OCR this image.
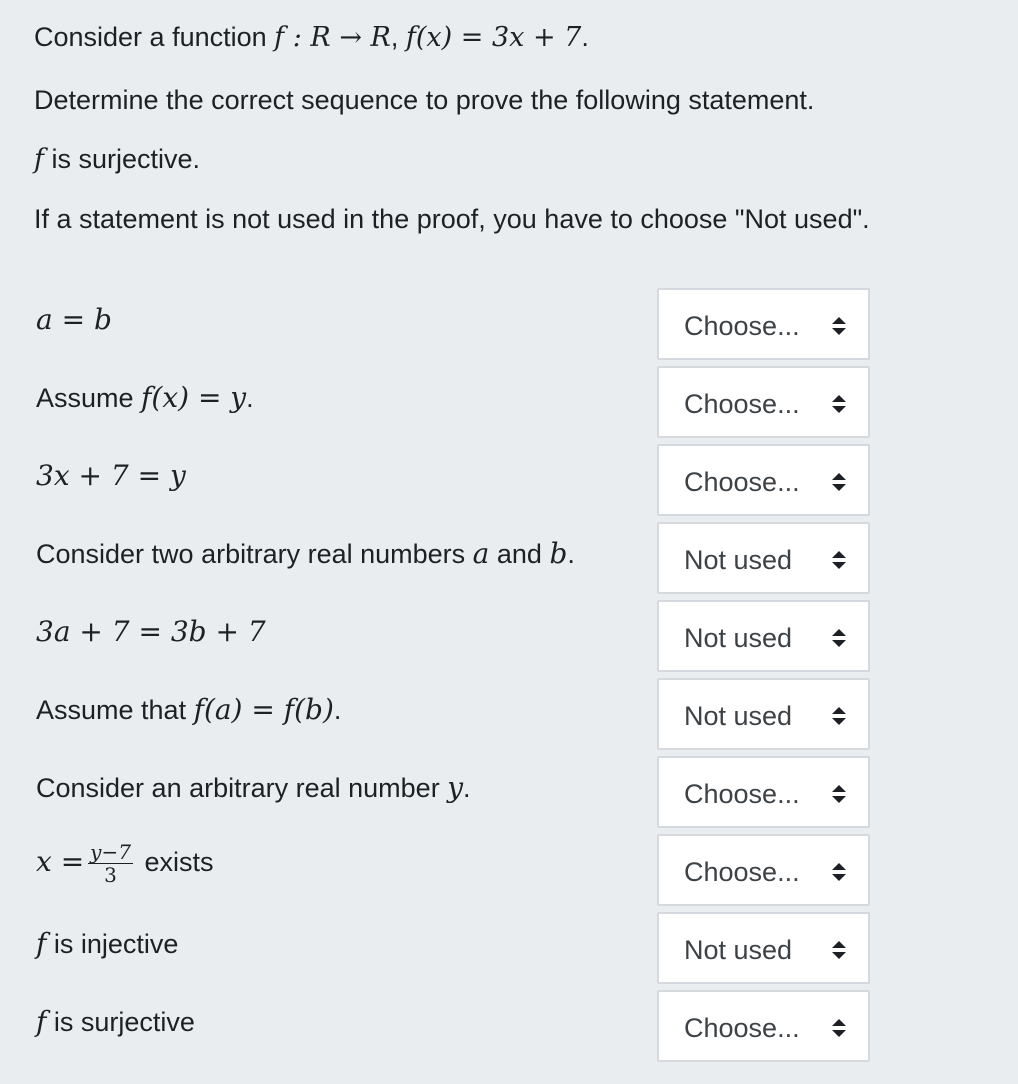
Consider a function f : R → R, f(x) = 3x + 7.

Determine the correct sequence to prove the following statement.

f is surjective.

If a statement is not used in the proof, you have to choose "Not used".

a = b	Choose...
Assume f(x) = y.	Choose...
3x + 7 = y	Choose...
Consider two arbitrary real numbers a and b.	Not used
3a + 7 = 3b + 7	Not used
Assume that f(a) = f(b).	Not used
Consider an arbitrary real number y.	Choose...
$x = \frac{y-7}{3}$ exists	Choose...
f is injective	Not used
f is surjective	Choose...
